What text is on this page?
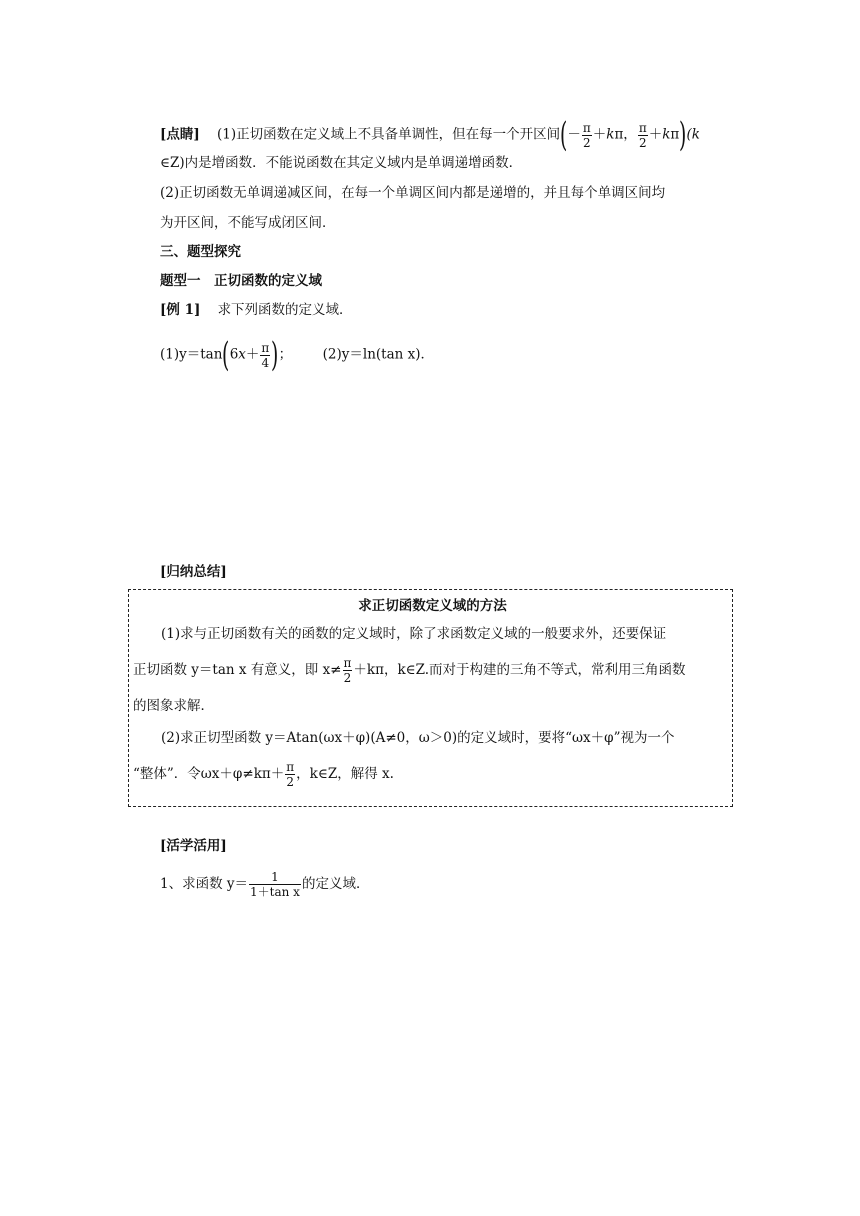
[点睛] (1)正切函数在定义域上不具备单调性，但在每一个开区间(－ $\frac{\pi}{2} +k\pi$， $\frac{\pi}{2} +k\pi)(k$
∈Z)内是增函数．不能说函数在其定义域内是单调递增函数．
(2)正切函数无单调递减区间，在每一个单调区间内都是递增的，并且每个单调区间均
为开区间，不能写成闭区间．
三、题型探究
题型一　正切函数的定义域
[例 1] 求下列函数的定义域．
$(1)y=\tan(6x+ \frac{\pi}{4}$ )； (2)y＝ln(tan x)．
[归纳总结]
求正切函数定义域的方法
(1)求与正切函数有关的函数的定义域时，除了求函数定义域的一般要求外，还要保证
正切函数 y＝tan x 有意义，即 $x\ne \frac{\pi}{2} +k\pi$，k∈Z.而对于构建的三角不等式，常利用三角函数
的图象求解．
(2)求正切型函数 y＝Atan(ωx＋φ)(A≠0，ω＞0)的定义域时，要将“ωx＋φ”视为一个
“整体”．令$\omega x+\varphi\ne k\pi+ \frac{\pi}{2}$ ，k∈Z，解得 x.
[活学活用]
1、求函数 $y= \frac{1}{\text{1＋tan x}}$ 的定义域．
